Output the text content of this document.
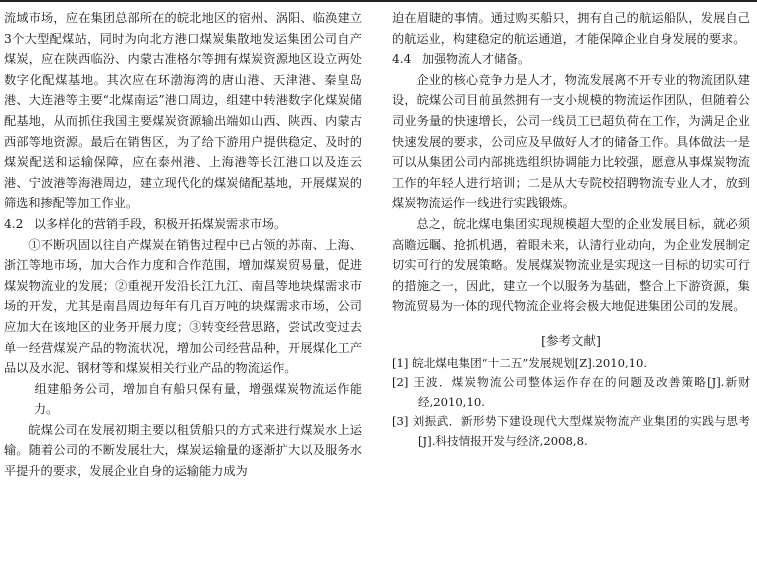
流域市场，应在集团总部所在的皖北地区的宿州、涡阳、临涣建立3个大型配煤站，同时为向北方港口煤炭集散地发运集团公司自产煤炭，应在陕西临汾、内蒙古准格尔等拥有煤炭资源地区设立两处数字化配煤基地。其次应在环渤海湾的唐山港、天津港、秦皇岛港、大连港等主要“北煤南运”港口周边，组建中转港数字化煤炭储配基地，从而抓住我国主要煤炭资源输出端如山西、陕西、内蒙古西部等地资源。最后在销售区，为了给下游用户提供稳定、及时的煤炭配送和运输保障，应在泰州港、上海港等长江港口以及连云港、宁波港等海港周边，建立现代化的煤炭储配基地，开展煤炭的筛选和掺配等加工作业。

4.2 以多样化的营销手段，积极开拓煤炭需求市场。

①不断巩固以往自产煤炭在销售过程中已占领的苏南、上海、浙江等地市场，加大合作力度和合作范围，增加煤炭贸易量，促进煤炭物流业的发展；②重视开发沿长江九江、南昌等地块煤需求市场的开发，尤其是南昌周边每年有几百万吨的块煤需求市场，公司应加大在该地区的业务开展力度；③转变经营思路，尝试改变过去单一经营煤炭产品的物流状况，增加公司经营品种，开展煤化工产品以及水泥、钢材等和煤炭相关行业产品的物流运作。

组建船务公司，增加自有船只保有量，增强煤炭物流运作能力。

皖煤公司在发展初期主要以租赁船只的方式来进行煤炭水上运输。随着公司的不断发展壮大，煤炭运输量的逐渐扩大以及服务水平提升的要求，发展企业自身的运输能力成为

迫在眉睫的事情。通过购买船只，拥有自己的航运船队，发展自己的航运业，构建稳定的航运通道，才能保障企业自身发展的要求。

4.4 加强物流人才储备。

企业的核心竞争力是人才，物流发展离不开专业的物流团队建设，皖煤公司目前虽然拥有一支小规模的物流运作团队，但随着公司业务量的快速增长，公司一线员工已超负荷在工作，为满足企业快速发展的要求，公司应及早做好人才的储备工作。具体做法一是可以从集团公司内部挑选组织协调能力比较强，愿意从事煤炭物流工作的年轻人进行培训；二是从大专院校招聘物流专业人才，放到煤炭物流运作一线进行实践锻炼。

总之，皖北煤电集团实现规模超大型的企业发展目标，就必须高瞻远瞩、抢抓机遇，着眼未来，认清行业动向，为企业发展制定切实可行的发展策略。发展煤炭物流业是实现这一目标的切实可行的措施之一，因此，建立一个以服务为基础，整合上下游资源，集物流贸易为一体的现代物流企业将会极大地促进集团公司的发展。

[参考文献]

[1] 皖北煤电集团“十二五”发展规划[Z].2010,10.

[2] 王波．煤炭物流公司整体运作存在的问题及改善策略[J].新财经,2010,10.

[3] 刘振武．新形势下建设现代大型煤炭物流产业集团的实践与思考[J].科技情报开发与经济,2008,8.
